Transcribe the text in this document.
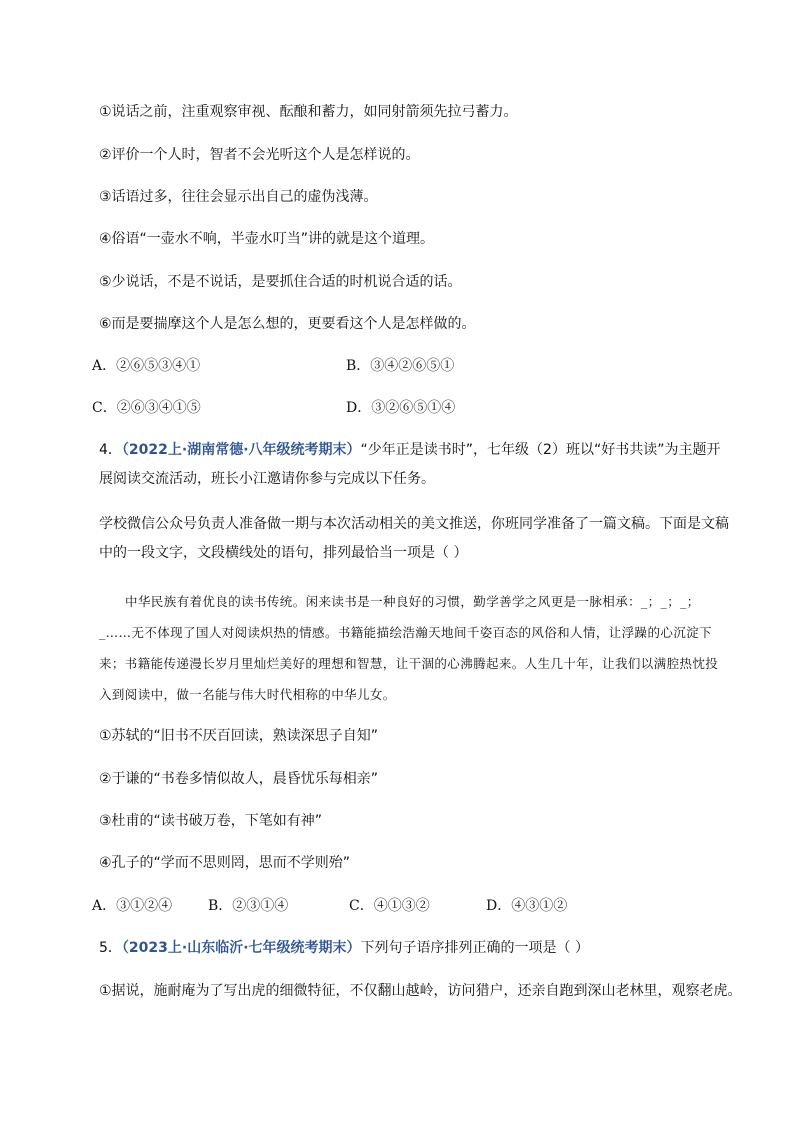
①说话之前，注重观察审视、酝酿和蓄力，如同射箭须先拉弓蓄力。
②评价一个人时，智者不会光听这个人是怎样说的。
③话语过多，往往会显示出自己的虚伪浅薄。
④俗语“一壶水不响，半壶水叮当”讲的就是这个道理。
⑤少说话，不是不说话，是要抓住合适的时机说合适的话。
⑥而是要揣摩这个人是怎么想的，更要看这个人是怎样做的。
A．②⑥⑤③④①	B．③④②⑥⑤①
C．②⑥③④①⑤	D．③②⑥⑤①④
4．（2022上·湖南常德·八年级统考期末）“少年正是读书时”，七年级（2）班以“好书共读”为主题开展阅读交流活动，班长小江邀请你参与完成以下任务。
学校微信公众号负责人准备做一期与本次活动相关的美文推送，你班同学准备了一篇文稿。下面是文稿中的一段文字，文段横线处的语句，排列最恰当一项是（ ）
中华民族有着优良的读书传统。闲来读书是一种良好的习惯，勤学善学之风更是一脉相承：_；_；_；_……无不体现了国人对阅读炽热的情感。书籍能描绘浩瀚天地间千姿百态的风俗和人情，让浮躁的心沉淀下来；书籍能传递漫长岁月里灿烂美好的理想和智慧，让干涸的心沸腾起来。人生几十年，让我们以满腔热忱投入到阅读中，做一名能与伟大时代相称的中华儿女。
①苏轼的“旧书不厌百回读，熟读深思子自知”
②于谦的“书卷多情似故人，晨昏忧乐每相亲”
③杜甫的“读书破万卷，下笔如有神”
④孔子的“学而不思则罔，思而不学则殆”
A．③①②④	B．②③①④	C．④①③②	D．④③①②
5．（2023上·山东临沂·七年级统考期末）下列句子语序排列正确的一项是（ ）
①据说，施耐庵为了写出虎的细微特征，不仅翻山越岭，访问猎户，还亲自跑到深山老林里，观察老虎。
